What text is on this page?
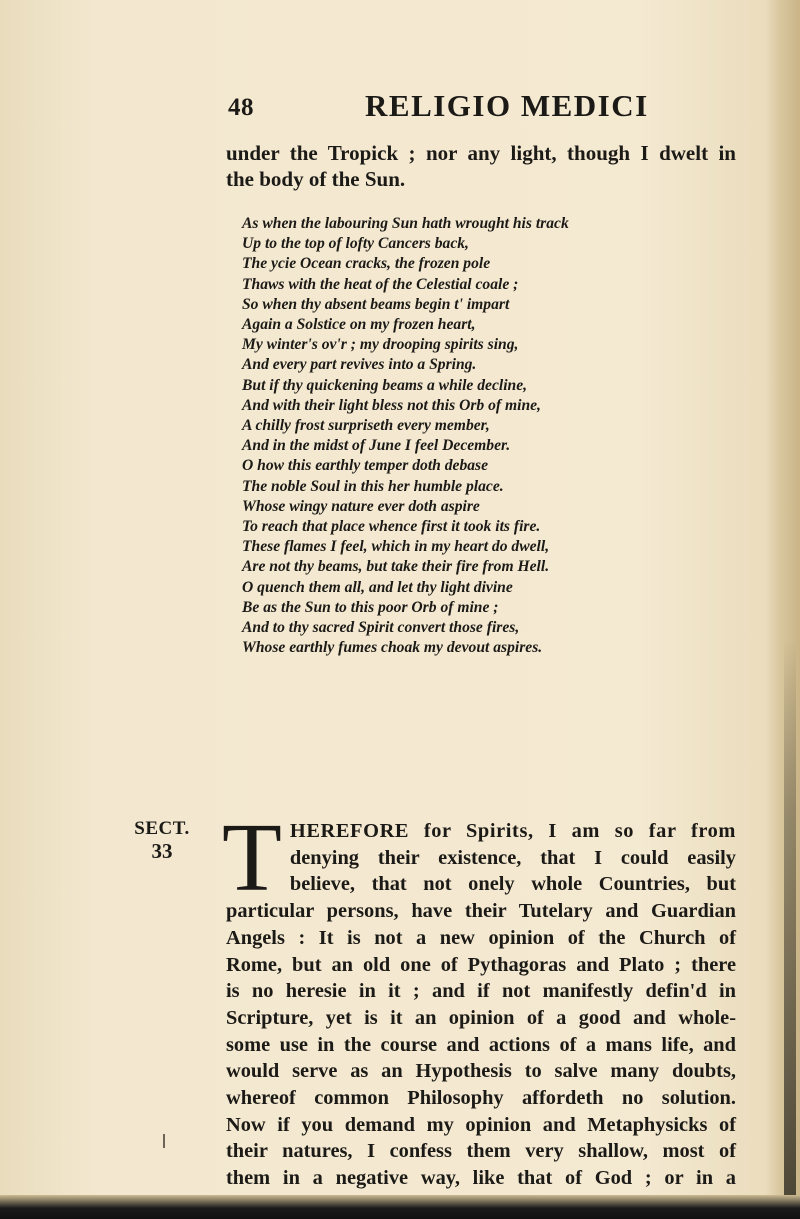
48	RELIGIO MEDICI
under the Tropick ; nor any light, though I dwelt in
the body of the Sun.
As when the labouring Sun hath wrought his track
Up to the top of lofty Cancers back,
The ycie Ocean cracks, the frozen pole
Thaws with the heat of the Celestial coale ;
So when thy absent beams begin t' impart
Again a Solstice on my frozen heart,
My winter's ov'r ; my drooping spirits sing,
And every part revives into a Spring.
But if thy quickening beams a while decline,
And with their light bless not this Orb of mine,
A chilly frost surpriseth every member,
And in the midst of June I feel December.
O how this earthly temper doth debase
The noble Soul in this her humble place.
Whose wingy nature ever doth aspire
To reach that place whence first it took its fire.
These flames I feel, which in my heart do dwell,
Are not thy beams, but take their fire from Hell.
O quench them all, and let thy light divine
Be as the Sun to this poor Orb of mine ;
And to thy sacred Spirit convert those fires,
Whose earthly fumes choak my devout aspires.
SECT.
33 T HEREFORE for Spirits, I am so far from
denying their existence, that I could easily
believe, that not onely whole Countries, but
particular persons, have their Tutelary and Guardian
Angels : It is not a new opinion of the Church of
Rome, but an old one of Pythagoras and Plato ; there
is no heresie in it ; and if not manifestly defin'd in
Scripture, yet is it an opinion of a good and whole-
some use in the course and actions of a mans life, and
would serve as an Hypothesis to salve many doubts,
whereof common Philosophy affordeth no solution.
Now if you demand my opinion and Metaphysicks of
their natures, I confess them very shallow, most of
them in a negative way, like that of God ; or in a
